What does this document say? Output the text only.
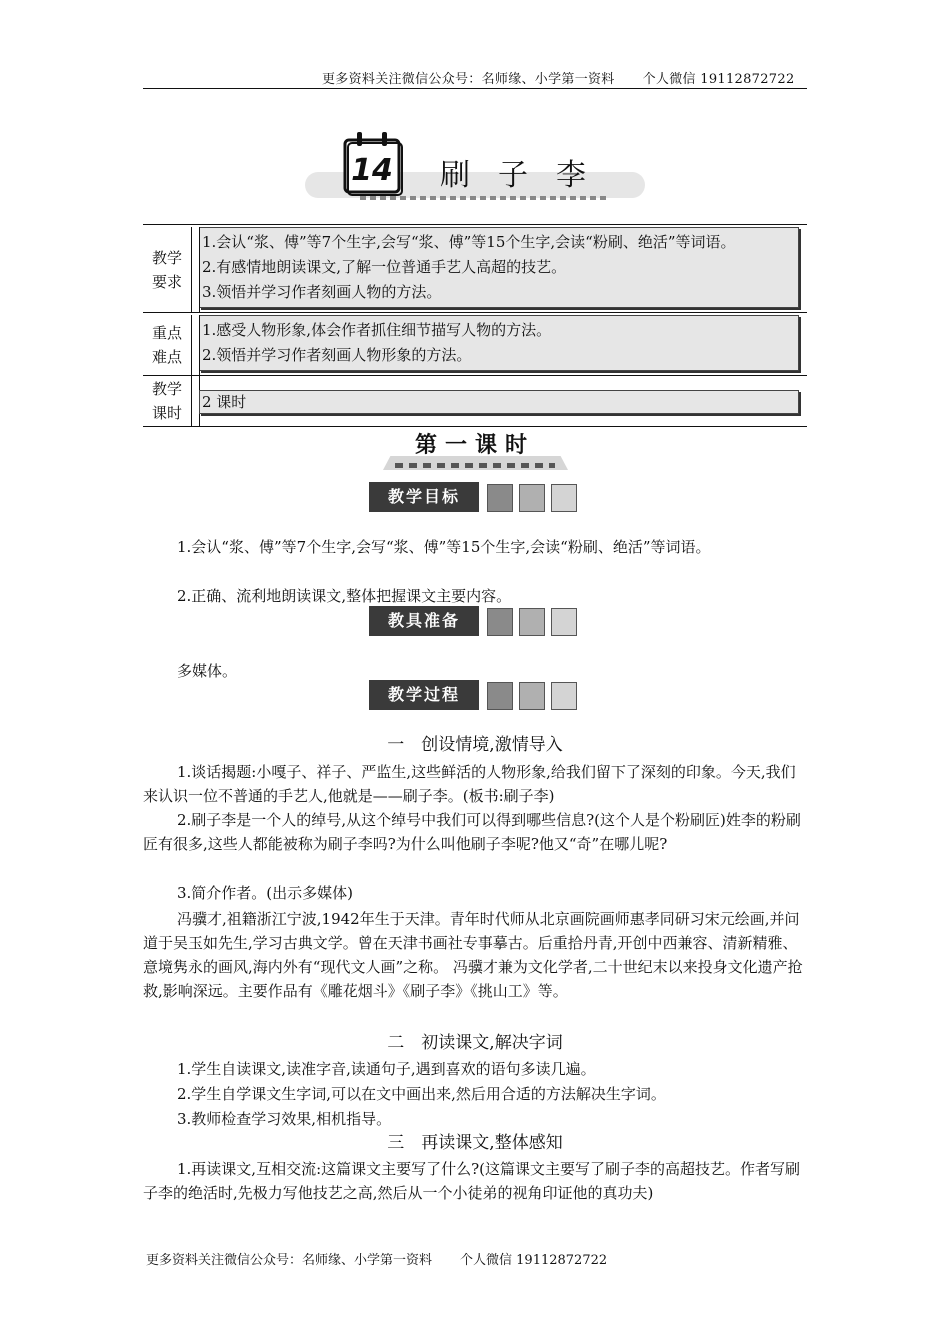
更多资料关注微信公众号：名师缘、小学第一资料 个人微信 19112872722
14 刷子李
教学要求
1.会认“浆、傅”等7个生字,会写“浆、傅”等15个生字,会读“粉刷、绝活”等词语。
2.有感情地朗读课文,了解一位普通手艺人高超的技艺。
3.领悟并学习作者刻画人物的方法。
重点难点
1.感受人物形象,体会作者抓住细节描写人物的方法。
2.领悟并学习作者刻画人物形象的方法。
教学课时
2 课时
第一课时
教学目标

1.会认“浆、傅”等7个生字,会写“浆、傅”等15个生字,会读“粉刷、绝活”等词语。

2.正确、流利地朗读课文,整体把握课文主要内容。

教具准备

多媒体。

教学过程
一　创设情境,激情导入

1.谈话揭题:小嘎子、祥子、严监生,这些鲜活的人物形象,给我们留下了深刻的印象。今天,我们来认识一位不普通的手艺人,他就是——刷子李。(板书:刷子李)

2.刷子李是一个人的绰号,从这个绰号中我们可以得到哪些信息?(这个人是个粉刷匠)姓李的粉刷匠有很多,这些人都能被称为刷子李吗?为什么叫他刷子李呢?他又“奇”在哪儿呢?

3.简介作者。(出示多媒体)

冯骥才,祖籍浙江宁波,1942年生于天津。青年时代师从北京画院画师惠孝同研习宋元绘画,并问道于吴玉如先生,学习古典文学。曾在天津书画社专事摹古。后重拾丹青,开创中西兼容、清新精雅、意境隽永的画风,海内外有“现代文人画”之称。 冯骥才兼为文化学者,二十世纪末以来投身文化遗产抢救,影响深远。主要作品有《雕花烟斗》《刷子李》《挑山工》等。

二　初读课文,解决字词

1.学生自读课文,读准字音,读通句子,遇到喜欢的语句多读几遍。

2.学生自学课文生字词,可以在文中画出来,然后用合适的方法解决生字词。

3.教师检查学习效果,相机指导。

三　再读课文,整体感知

1.再读课文,互相交流:这篇课文主要写了什么?(这篇课文主要写了刷子李的高超技艺。作者写刷子李的绝活时,先极力写他技艺之高,然后从一个小徒弟的视角印证他的真功夫)

更多资料关注微信公众号：名师缘、小学第一资料 个人微信 19112872722
